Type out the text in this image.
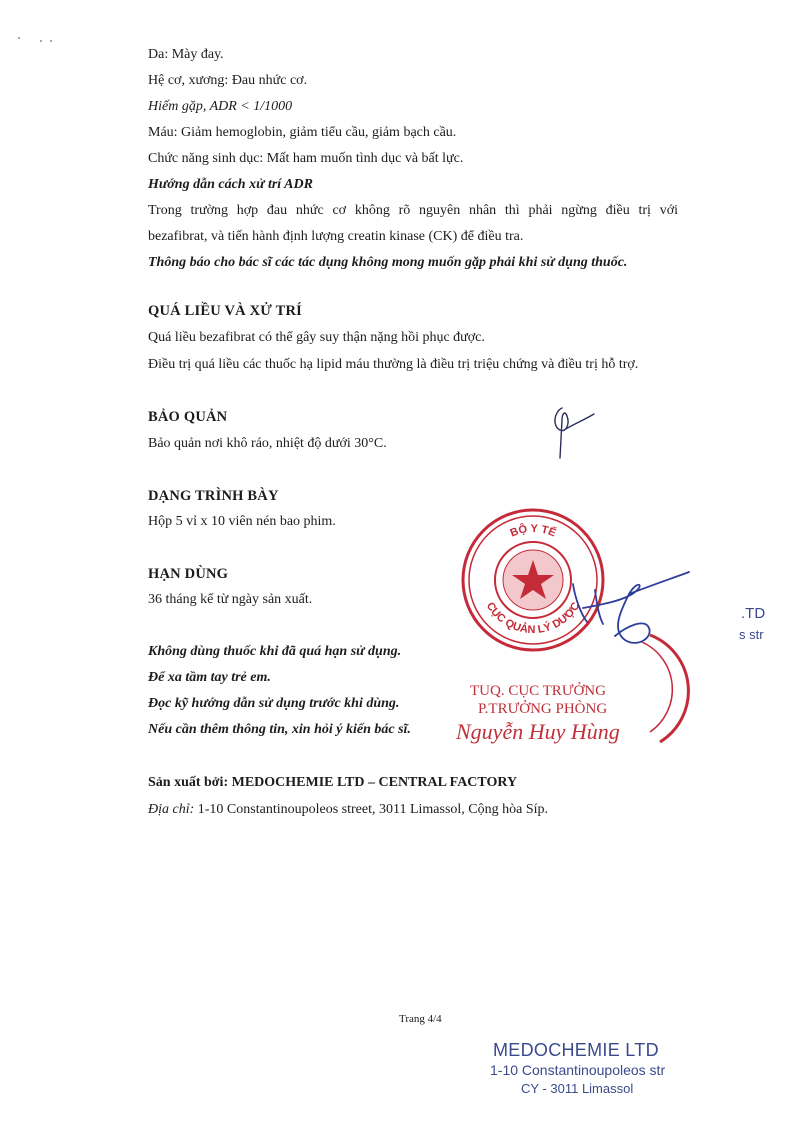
Da: Mày đay.
Hệ cơ, xương: Đau nhức cơ.
Hiếm gặp, ADR < 1/1000
Máu: Giảm hemoglobin, giảm tiểu cầu, giảm bạch cầu.
Chức năng sinh dục: Mất ham muốn tình dục và bất lực.
Hướng dẫn cách xử trí ADR
Trong trường hợp đau nhức cơ không rõ nguyên nhân thì phải ngừng điều trị với
bezafibrat, và tiến hành định lượng creatin kinase (CK) để điều tra.
Thông báo cho bác sĩ các tác dụng không mong muốn gặp phải khi sử dụng thuốc.
QUÁ LIỀU VÀ XỬ TRÍ
Quá liều bezafibrat có thể gây suy thận nặng hồi phục được.
Điều trị quá liều các thuốc hạ lipid máu thường là điều trị triệu chứng và điều trị hỗ trợ.
BẢO QUẢN
Bảo quản nơi khô ráo, nhiệt độ dưới 30°C.
DẠNG TRÌNH BÀY
Hộp 5 vỉ x 10 viên nén bao phim.
HẠN DÙNG
36 tháng kể từ ngày sản xuất.
Không dùng thuốc khi đã quá hạn sử dụng.
Để xa tầm tay trẻ em.
Đọc kỹ hướng dẫn sử dụng trước khi dùng.
Nếu cần thêm thông tin, xin hỏi ý kiến bác sĩ.
Sản xuất bởi: MEDOCHEMIE LTD – CENTRAL FACTORY
Địa chỉ: 1-10 Constantinoupoleos street, 3011 Limassol, Cộng hòa Síp.
BỘ Y TẾ
CỤC QUẢN LÝ DƯỢC
TUQ. CỤC TRƯỞNG
P.TRƯỞNG PHÒNG
Nguyễn Huy Hùng
.TD
s str
Trang 4/4
MEDOCHEMIE LTD
1-10 Constantinoupoleos str
CY - 3011 Limassol
